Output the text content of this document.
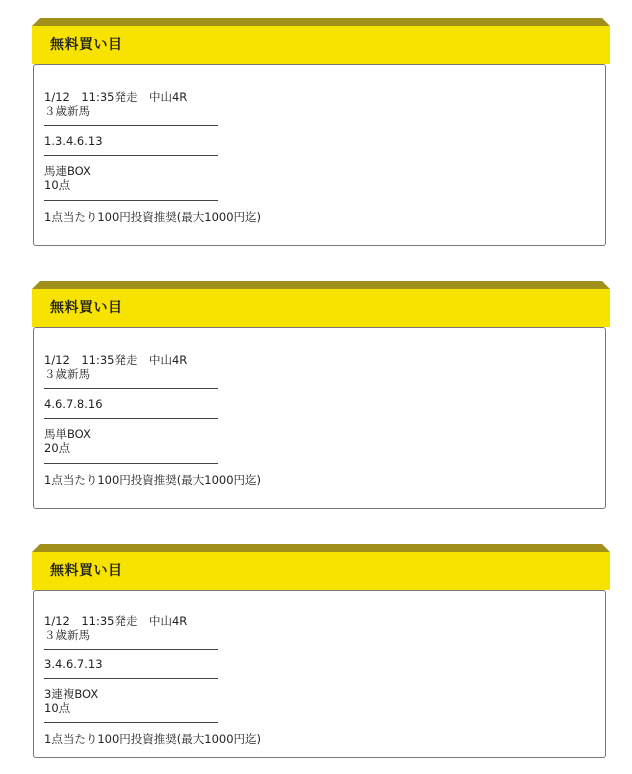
無料買い目
1/12　11:35発走　中山4R
３歳新馬
1.3.4.6.13
馬連BOX
10点
1点当たり100円投資推奨(最大1000円迄)
無料買い目
1/12　11:35発走　中山4R
３歳新馬
4.6.7.8.16
馬単BOX
20点
1点当たり100円投資推奨(最大1000円迄)
無料買い目
1/12　11:35発走　中山4R
３歳新馬
3.4.6.7.13
3連複BOX
10点
1点当たり100円投資推奨(最大1000円迄)
